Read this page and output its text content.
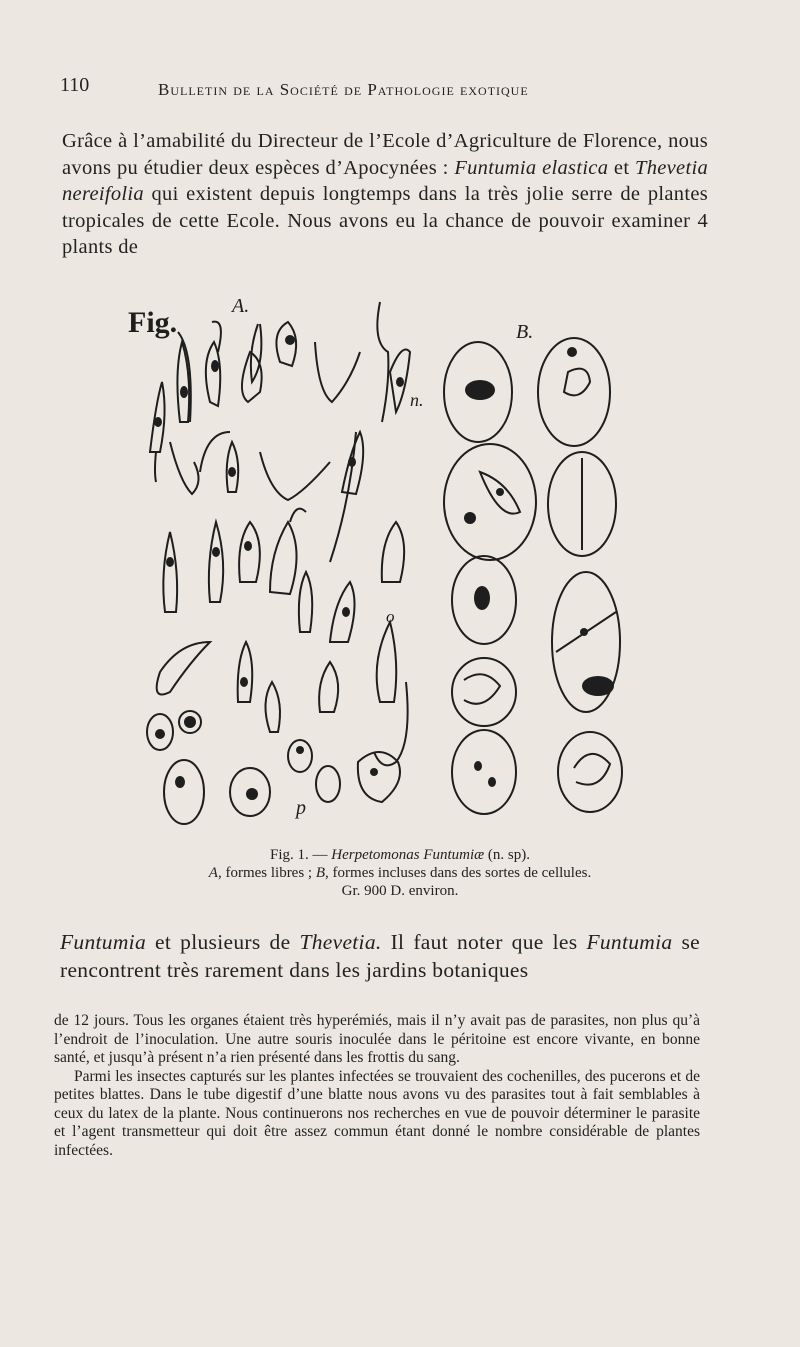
110	Bulletin de la Société de Pathologie exotique
Grâce à l’amabilité du Directeur de l’Ecole d’Agriculture de Florence, nous avons pu étudier deux espèces d’Apocynées : Funtumia elastica et Thevetia nereifolia qui existent depuis longtemps dans la très jolie serre de plantes tropicales de cette Ecole. Nous avons eu la chance de pouvoir examiner 4 plants de
Fig.	A.
B.
n.
o
p
Fig. 1. — Herpetomonas Funtumiæ (n. sp).
A, formes libres ; B, formes incluses dans des sortes de cellules.
Gr. 900 D. environ.
Funtumia et plusieurs de Thevetia. Il faut noter que les Funtumia se rencontrent très rarement dans les jardins botaniques

de 12 jours. Tous les organes étaient très hyperémiés, mais il n’y avait pas de parasites, non plus qu’à l’endroit de l’inoculation. Une autre souris inoculée dans le péritoine est encore vivante, en bonne santé, et jusqu’à présent n’a rien présenté dans les frottis du sang.

Parmi les insectes capturés sur les plantes infectées se trouvaient des cochenilles, des pucerons et de petites blattes. Dans le tube digestif d’une blatte nous avons vu des parasites tout à fait semblables à ceux du latex de la plante. Nous continuerons nos recherches en vue de pouvoir déterminer le parasite et l’agent transmetteur qui doit être assez commun étant donné le nombre considérable de plantes infectées.
